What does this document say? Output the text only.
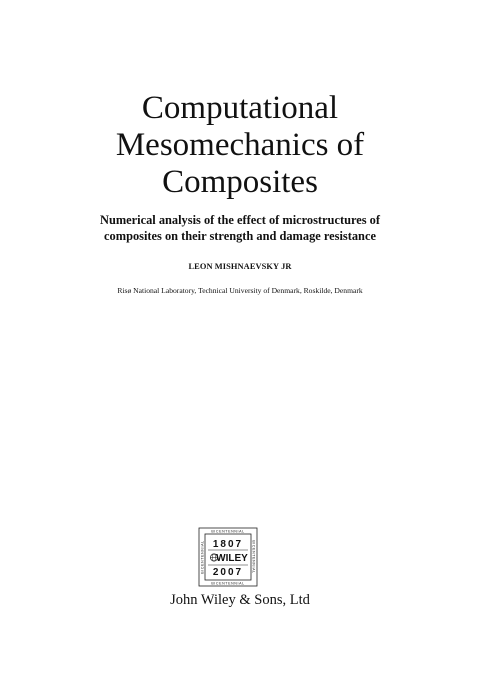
Computational
Mesomechanics of
Composites

Numerical analysis of the effect of microstructures of
composites on their strength and damage resistance

LEON MISHNAEVSKY JR
Risø National Laboratory, Technical University of Denmark, Roskilde, Denmark
BICENTENNIAL
BICENTENNIAL
BICENTENNIAL	BICENTENNIAL
1807
WILEY
2007
John Wiley & Sons, Ltd
